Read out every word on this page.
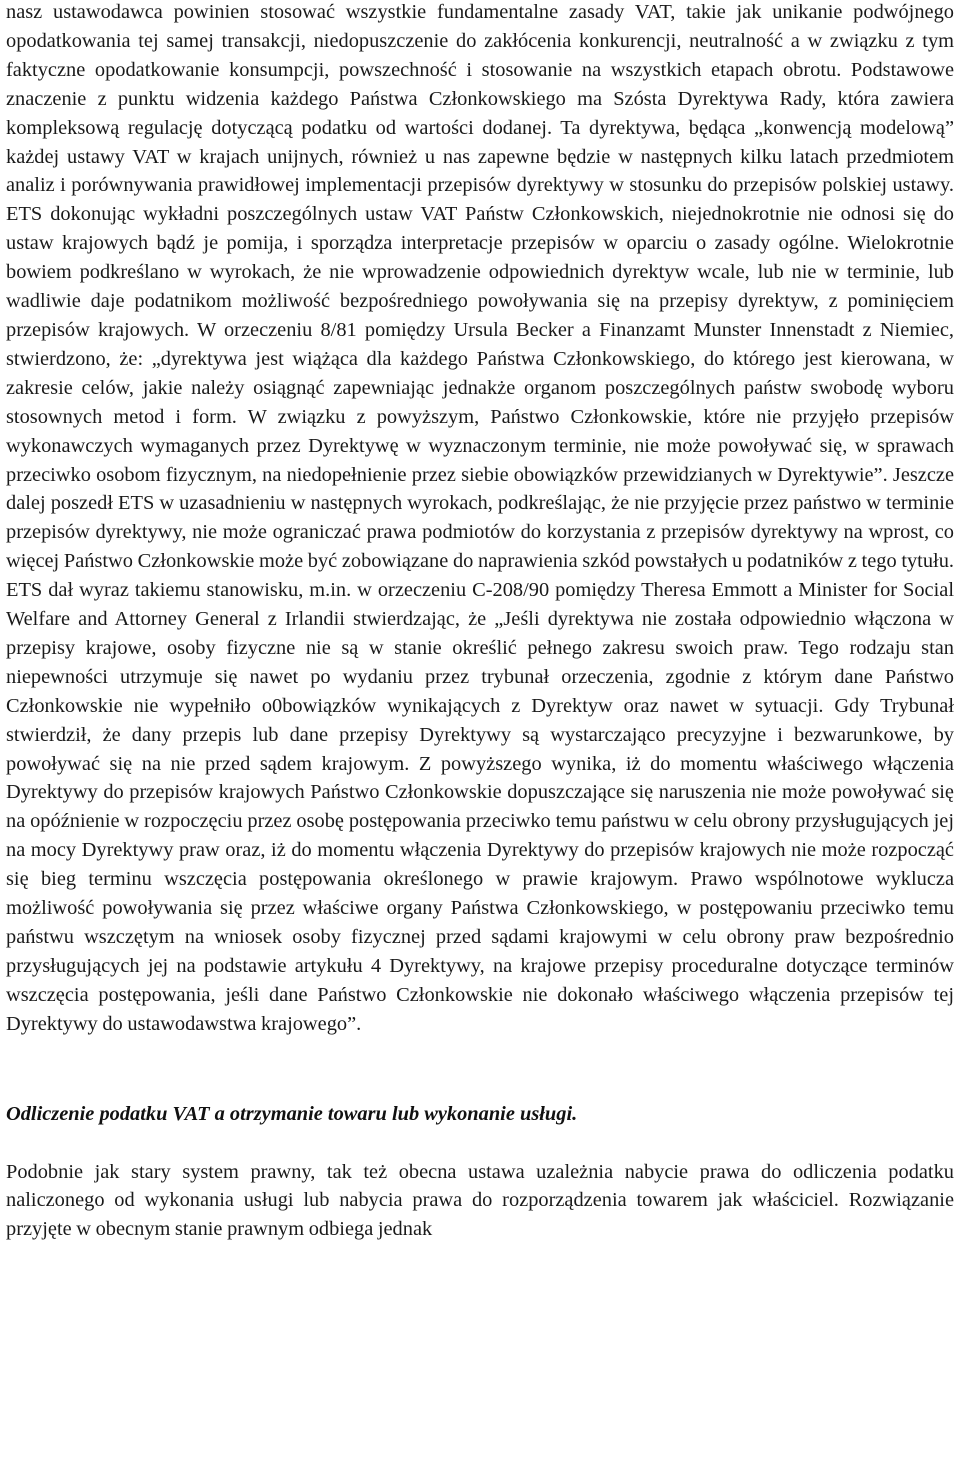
nasz ustawodawca powinien stosować wszystkie fundamentalne zasady VAT, takie jak unikanie podwójnego opodatkowania tej samej transakcji, niedopuszczenie do zakłócenia konkurencji, neutralność a w związku z tym faktyczne opodatkowanie konsumpcji, powszechność i stosowanie na wszystkich etapach obrotu. Podstawowe znaczenie z punktu widzenia każdego Państwa Członkowskiego ma Szósta Dyrektywa Rady, która zawiera kompleksową regulację dotyczącą podatku od wartości dodanej. Ta dyrektywa, będąca „konwencją modelową” każdej ustawy VAT w krajach unijnych, również u nas zapewne będzie w następnych kilku latach przedmiotem analiz i porównywania prawidłowej implementacji przepisów dyrektywy w stosunku do przepisów polskiej ustawy. ETS dokonując wykładni poszczególnych ustaw VAT Państw Członkowskich, niejednokrotnie nie odnosi się do ustaw krajowych bądź je pomija, i sporządza interpretacje przepisów w oparciu o zasady ogólne. Wielokrotnie bowiem podkreślano w wyrokach, że nie wprowadzenie odpowiednich dyrektyw wcale, lub nie w terminie, lub wadliwie daje podatnikom możliwość bezpośredniego powoływania się na przepisy dyrektyw, z pominięciem przepisów krajowych. W orzeczeniu 8/81 pomiędzy Ursula Becker a Finanzamt Munster Innenstadt z Niemiec, stwierdzono, że: „dyrektywa jest wiążąca dla każdego Państwa Członkowskiego, do którego jest kierowana, w zakresie celów, jakie należy osiągnąć zapewniając jednakże organom poszczególnych państw swobodę wyboru stosownych metod i form. W związku z powyższym, Państwo Członkowskie, które nie przyjęło przepisów wykonawczych wymaganych przez Dyrektywę w wyznaczonym terminie, nie może powoływać się, w sprawach przeciwko osobom fizycznym, na niedopełnienie przez siebie obowiązków przewidzianych w Dyrektywie”. Jeszcze dalej poszedł ETS w uzasadnieniu w następnych wyrokach, podkreślając, że nie przyjęcie przez państwo w terminie przepisów dyrektywy, nie może ograniczać prawa podmiotów do korzystania z przepisów dyrektywy na wprost, co więcej Państwo Członkowskie może być zobowiązane do naprawienia szkód powstałych u podatników z tego tytułu. ETS dał wyraz takiemu stanowisku, m.in. w orzeczeniu C-208/90 pomiędzy Theresa Emmott a Minister for Social Welfare and Attorney General z Irlandii stwierdzając, że „Jeśli dyrektywa nie została odpowiednio włączona w przepisy krajowe, osoby fizyczne nie są w stanie określić pełnego zakresu swoich praw. Tego rodzaju stan niepewności utrzymuje się nawet po wydaniu przez trybunał orzeczenia, zgodnie z którym dane Państwo Członkowskie nie wypełniło o0bowiązków wynikających z Dyrektyw oraz nawet w sytuacji. Gdy Trybunał stwierdził, że dany przepis lub dane przepisy Dyrektywy są wystarczająco precyzyjne i bezwarunkowe, by powoływać się na nie przed sądem krajowym. Z powyższego wynika, iż do momentu właściwego włączenia Dyrektywy do przepisów krajowych Państwo Członkowskie dopuszczające się naruszenia nie może powoływać się na opóźnienie w rozpoczęciu przez osobę postępowania przeciwko temu państwu w celu obrony przysługujących jej na mocy Dyrektywy praw oraz, iż do momentu włączenia Dyrektywy do przepisów krajowych nie może rozpocząć się bieg terminu wszczęcia postępowania określonego w prawie krajowym. Prawo wspólnotowe wyklucza możliwość powoływania się przez właściwe organy Państwa Członkowskiego, w postępowaniu przeciwko temu państwu wszczętym na wniosek osoby fizycznej przed sądami krajowymi w celu obrony praw bezpośrednio przysługujących jej na podstawie artykułu 4 Dyrektywy, na krajowe przepisy proceduralne dotyczące terminów wszczęcia postępowania, jeśli dane Państwo Członkowskie nie dokonało właściwego włączenia przepisów tej Dyrektywy do ustawodawstwa krajowego”.

Odliczenie podatku VAT a otrzymanie towaru lub wykonanie usługi.

Podobnie jak stary system prawny, tak też obecna ustawa uzależnia nabycie prawa do odliczenia podatku naliczonego od wykonania usługi lub nabycia prawa do rozporządzenia towarem jak właściciel. Rozwiązanie przyjęte w obecnym stanie prawnym odbiega jednak
